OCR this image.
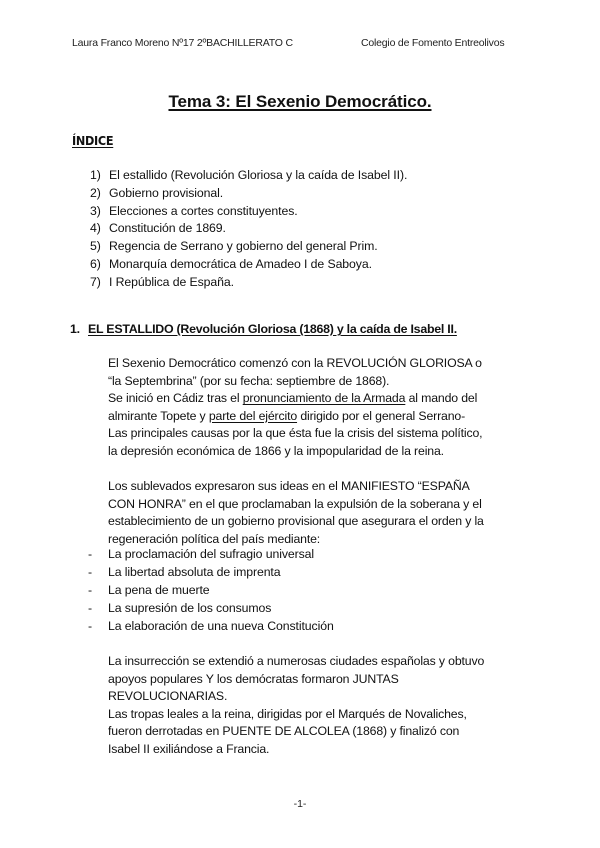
Laura Franco Moreno Nº17 2ºBACHILLERATO C	Colegio de Fomento Entreolivos
Tema 3: El Sexenio Democrático.
ÍNDICE
1) El estallido (Revolución Gloriosa y la caída de Isabel II).
2) Gobierno provisional.
3) Elecciones a cortes constituyentes.
4) Constitución de 1869.
5) Regencia de Serrano y gobierno del general Prim.
6) Monarquía democrática de Amadeo I de Saboya.
7) I República de España.
1. EL ESTALLIDO (Revolución Gloriosa (1868) y la caída de Isabel II.

El Sexenio Democrático comenzó con la REVOLUCIÓN GLORIOSA o
“la Septembrina” (por su fecha: septiembre de 1868).
Se inició en Cádiz tras el pronunciamiento de la Armada al mando del
almirante Topete y parte del ejército dirigido por el general Serrano-
Las principales causas por la que ésta fue la crisis del sistema político,
la depresión económica de 1866 y la impopularidad de la reina.

Los sublevados expresaron sus ideas en el MANIFIESTO “ESPAÑA
CON HONRA” en el que proclamaban la expulsión de la soberana y el
establecimiento de un gobierno provisional que asegurara el orden y la
regeneración política del país mediante:

- La proclamación del sufragio universal
- La libertad absoluta de imprenta
- La pena de muerte
- La supresión de los consumos
- La elaboración de una nueva Constitución

La insurrección se extendió a numerosas ciudades españolas y obtuvo
apoyos populares Y los demócratas formaron JUNTAS
REVOLUCIONARIAS.
Las tropas leales a la reina, dirigidas por el Marqués de Novaliches,
fueron derrotadas en PUENTE DE ALCOLEA (1868) y finalizó con
Isabel II exiliándose a Francia.

-1-
